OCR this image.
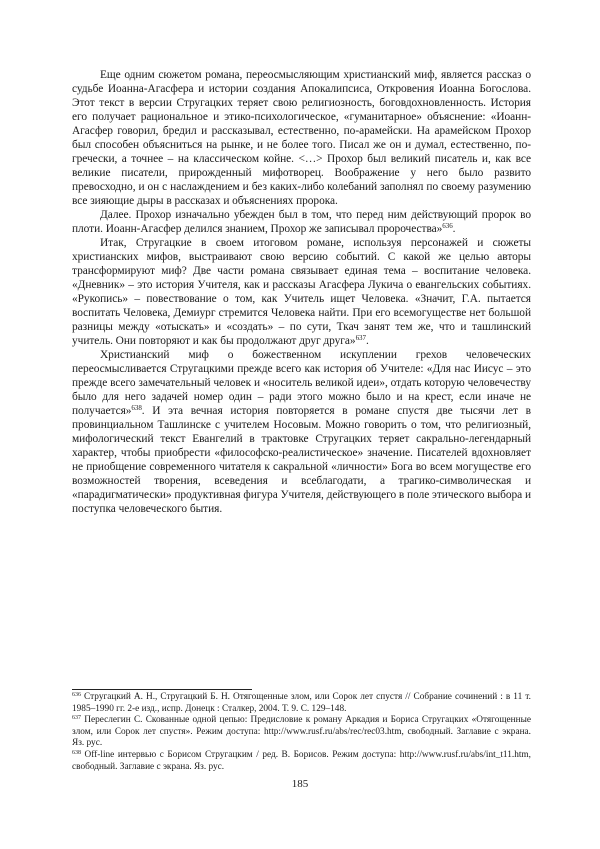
Еще одним сюжетом романа, переосмысляющим христианский миф, является рассказ о судьбе Иоанна-Агасфера и истории создания Апокалипсиса, Откровения Иоанна Богослова. Этот текст в версии Стругацких теряет свою религиозность, боговдохновленность. История его получает рациональное и этико-психологическое, «гуманитарное» объяснение: «Иоанн-Агасфер говорил, бредил и рассказывал, естественно, по-арамейски. На арамейском Прохор был способен объясниться на рынке, и не более того. Писал же он и думал, естественно, по-гречески, а точнее – на классическом койне. <…> Прохор был великий писатель и, как все великие писатели, прирожденный мифотворец. Воображение у него было развито превосходно, и он с наслаждением и без каких-либо колебаний заполнял по своему разумению все зияющие дыры в рассказах и объяснениях пророка.

Далее. Прохор изначально убежден был в том, что перед ним действующий пророк во плоти. Иоанн-Агасфер делился знанием, Прохор же записывал пророчества»$^{636}$.

Итак, Стругацкие в своем итоговом романе, используя персонажей и сюжеты христианских мифов, выстраивают свою версию событий. С какой же целью авторы трансформируют миф? Две части романа связывает единая тема – воспитание человека. «Дневник» – это история Учителя, как и рассказы Агасфера Лукича о евангельских событиях. «Рукопись» – повествование о том, как Учитель ищет Человека. «Значит, Г.А. пытается воспитать Человека, Демиург стремится Человека найти. При его всемогуществе нет большой разницы между «отыскать» и «создать» – по сути, Ткач занят тем же, что и ташлинский учитель. Они повторяют и как бы продолжают друг друга»$^{637}$.

Христианский миф о божественном искуплении грехов человеческих переосмысливается Стругацкими прежде всего как история об Учителе: «Для нас Иисус – это прежде всего замечательный человек и «носитель великой идеи», отдать которую человечеству было для него задачей номер один – ради этого можно было и на крест, если иначе не получается»$^{638}$. И эта вечная история повторяется в романе спустя две тысячи лет в провинциальном Ташлинске с учителем Носовым. Можно говорить о том, что религиозный, мифологический текст Евангелий в трактовке Стругацких теряет сакрально-легендарный характер, чтобы приобрести «философско-реалистическое» значение. Писателей вдохновляет не приобщение современного читателя к сакральной «личности» Бога во всем могуществе его возможностей творения, всеведения и всеблагодати, а трагико-символическая и «парадигматически» продуктивная фигура Учителя, действующего в поле этического выбора и поступка человеческого бытия.

$^{636}$ Стругацкий А. Н., Стругацкий Б. Н. Отягощенные злом, или Сорок лет спустя // Собрание сочинений : в 11 т. 1985–1990 гг. 2-е изд., испр. Донецк : Сталкер, 2004. Т. 9. С. 129–148.

$^{637}$ Переслегин С. Скованные одной цепью: Предисловие к роману Аркадия и Бориса Стругацких «Отягощенные злом, или Сорок лет спустя». Режим доступа: http://www.rusf.ru/abs/rec/rec03.htm, свободный. Заглавие с экрана. Яз. рус.

$^{638}$ Off-line интервью с Борисом Стругацким / ред. В. Борисов. Режим доступа: http://www.rusf.ru/abs/int_t11.htm, свободный. Заглавие с экрана. Яз. рус.

185
